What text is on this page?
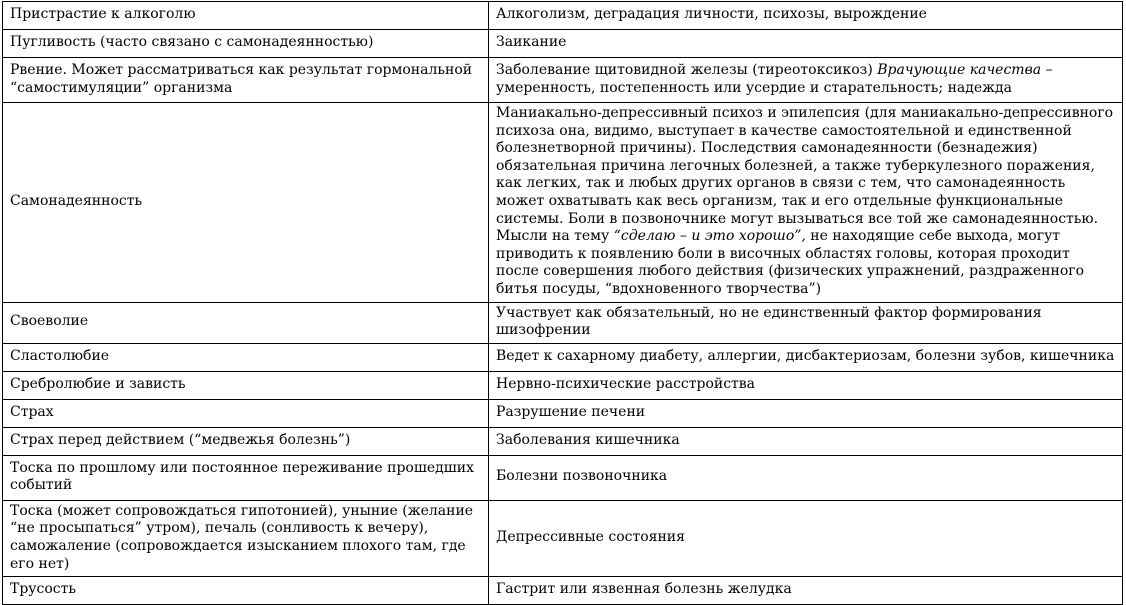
Пристрастие к алкоголю	Алкоголизм, деградация личности, психозы, вырождение
Пугливость (часто связано с самонадеянностью)	Заикание
Рвение. Может рассматриваться как результат гормональной “самостимуляции” организма	Заболевание щитовидной железы (тиреотоксикоз) Врачующие качества – умеренность, постепенность или усердие и старательность; надежда
Самонадеянность	Маниакально-депрессивный психоз и эпилепсия (для маниакально-депрессивного психоза она, видимо, выступает в качестве самостоятельной и единственной болезнетворной причины). Последствия самонадеянности (безнадежия) обязательная причина легочных болезней, а также туберкулезного поражения, как легких, так и любых других органов в связи с тем, что самонадеянность может охватывать как весь организм, так и его отдельные функциональные системы. Боли в позвоночнике могут вызываться все той же самонадеянностью. Мысли на тему “сделаю – и это хорошо”, не находящие себе выхода, могут приводить к появлению боли в височных областях головы, которая проходит после совершения любого действия (физических упражнений, раздраженного битья посуды, “вдохновенного творчества”)
Своеволие	Участвует как обязательный, но не единственный фактор формирования шизофрении
Сластолюбие	Ведет к сахарному диабету, аллергии, дисбактериозам, болезни зубов, кишечника
Сребролюбие и зависть	Нервно-психические расстройства
Страх	Разрушение печени
Страх перед действием (“медвежья болезнь”)	Заболевания кишечника
Тоска по прошлому или постоянное переживание прошедших событий	Болезни позвоночника
Тоска (может сопровождаться гипотонией), уныние (желание “не просыпаться” утром), печаль (сонливость к вечеру), саможаление (сопровождается изысканием плохого там, где его нет)	Депрессивные состояния
Трусость	Гастрит или язвенная болезнь желудка
